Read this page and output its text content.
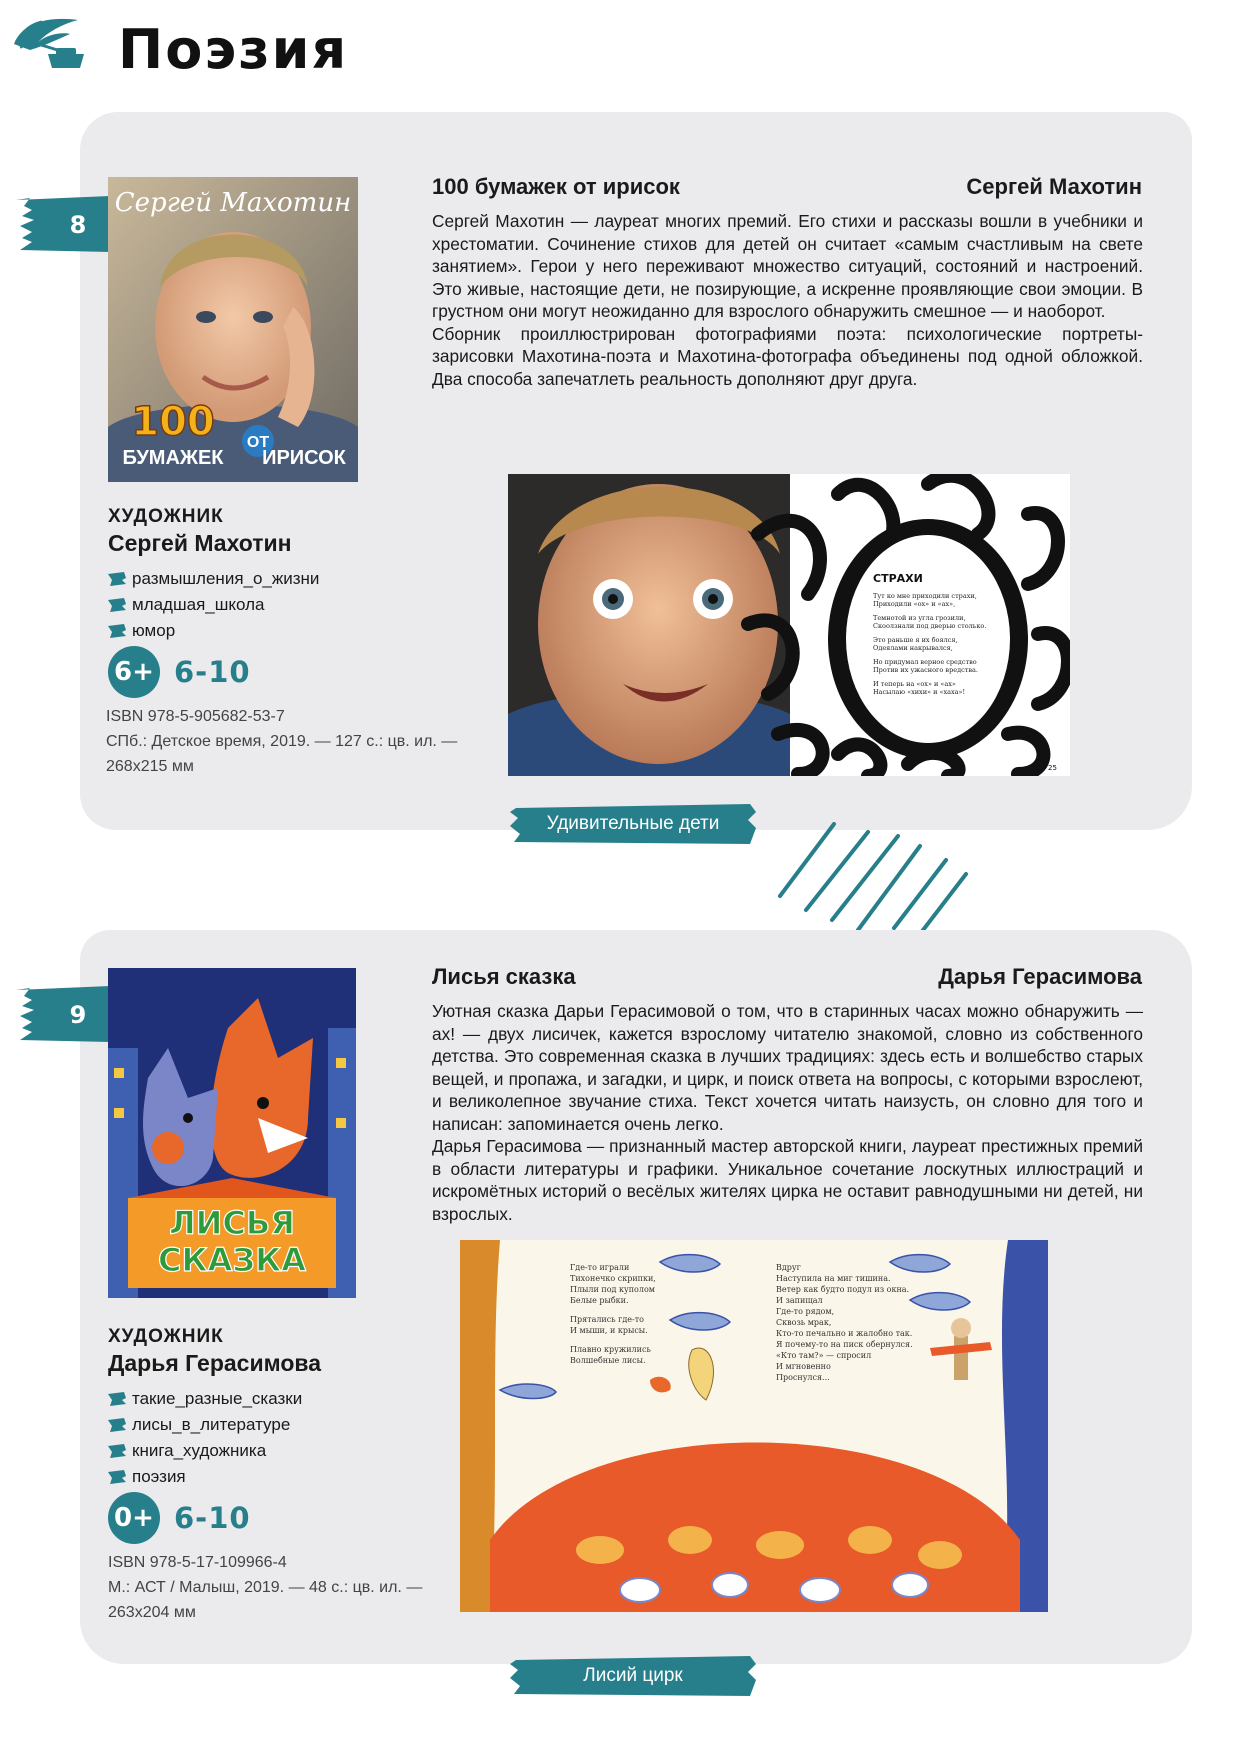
Поэзия
8
Сергей Махотин
100
БУМАЖЕК
ОТ
ИРИСОК
ХУДОЖНИК
Сергей Махотин
размышления_о_жизни
младшая_школа
юмор
6+ 6-10
ISBN 978-5-905682-53-7
СПб.: Детское время, 2019. — 127 с.: цв. ил. —
268х215 мм
100 бумажек от ирисок	Сергей Махотин

Сергей Махотин — лауреат многих премий. Его стихи и рассказы вошли в учебники и хрестоматии. Сочинение стихов для детей он считает «самым счастливым на свете занятием». Герои у него переживают множество ситуаций, состояний и настроений. Это живые, настоящие дети, не позирующие, а искренне проявляющие свои эмоции. В грустном они могут неожиданно для взрослого обнаружить смешное — и наоборот.

Сборник проиллюстрирован фотографиями поэта: психологические портреты-зарисовки Махотина-поэта и Махотина-фотографа объединены под одной обложкой. Два способа запечатлеть реальность дополняют друг друга.

СТРАХИ
Тут ко мне приходили страхи,
Приходили «ох» и «ах»,
Темнотой из угла грозили,
Скоолзнали под дверью столько.
Это раньше я их боялся,
Одеялами накрывался,
Но придумал верное средство
Против их ужасного вредства.
И теперь на «ох» и «ах»
Насылаю «хихи» и «хаха»!
25
Удивительные дети
9
ЛИСЬЯ
СКАЗКА
ХУДОЖНИК
Дарья Герасимова
такие_разные_сказки
лисы_в_литературе
книга_художника
поэзия
0+ 6-10
ISBN 978-5-17-109966-4
М.: АСТ / Малыш, 2019. — 48 с.: цв. ил. —
263х204 мм
Лисья сказка	Дарья Герасимова

Уютная сказка Дарьи Герасимовой о том, что в старинных часах можно обнаружить — ах! — двух лисичек, кажется взрослому читателю знакомой, словно из собственного детства. Это современная сказка в лучших традициях: здесь есть и волшебство старых вещей, и пропажа, и загадки, и цирк, и поиск ответа на вопросы, с которыми взрослеют, и великолепное звучание стиха. Текст хочется читать наизусть, он словно для того и написан: запоминается очень легко.

Дарья Герасимова — признанный мастер авторской книги, лауреат престижных премий в области литературы и графики. Уникальное сочетание лоскутных иллюстраций и искромётных историй о весёлых жителях цирка не оставит равнодушными ни детей, ни взрослых.

Где-то играли
Тихонечко скрипки,
Плыли под куполом
Белые рыбки.
Прятались где-то
И мыши, и крысы.
Плавно кружились
Волшебные лисы.
Вдруг
Наступила на миг тишина.
Ветер как будто подул из окна.
И запищал
Где-то рядом,
Сквозь мрак,
Кто-то печально и жалобно так.
Я почему-то на писк обернулся.
«Кто там?» — спросил
И мгновенно
Проснулся...
Лисий цирк
